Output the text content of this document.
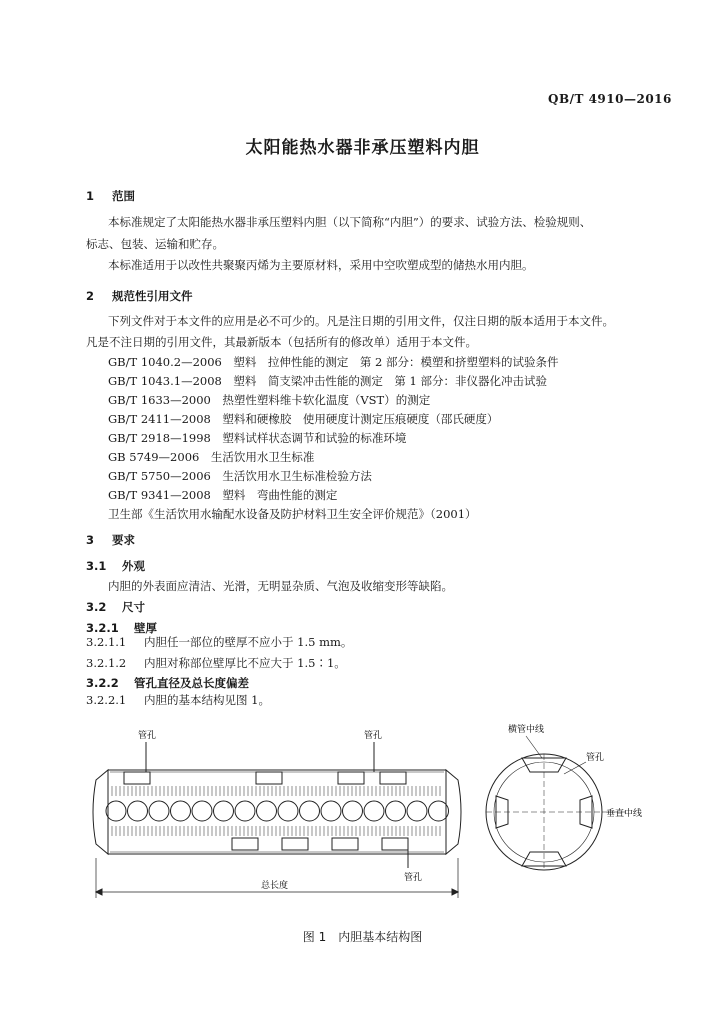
QB/T 4910—2016
太阳能热水器非承压塑料内胆
1 范围
本标准规定了太阳能热水器非承压塑料内胆（以下简称“内胆”）的要求、试验方法、检验规则、
标志、包装、运输和贮存。
本标准适用于以改性共聚聚丙烯为主要原材料，采用中空吹塑成型的储热水用内胆。
2 规范性引用文件
下列文件对于本文件的应用是必不可少的。凡是注日期的引用文件，仅注日期的版本适用于本文件。
凡是不注日期的引用文件，其最新版本（包括所有的修改单）适用于本文件。
GB/T 1040.2—2006　塑料　拉伸性能的测定　第 2 部分：模塑和挤塑塑料的试验条件
GB/T 1043.1—2008　塑料　简支梁冲击性能的测定　第 1 部分：非仪器化冲击试验
GB/T 1633—2000　热塑性塑料维卡软化温度（VST）的测定
GB/T 2411—2008　塑料和硬橡胶　使用硬度计测定压痕硬度（邵氏硬度）
GB/T 2918—1998　塑料试样状态调节和试验的标准环境
GB 5749—2006　生活饮用水卫生标准
GB/T 5750—2006　生活饮用水卫生标准检验方法
GB/T 9341—2008　塑料　弯曲性能的测定
卫生部《生活饮用水输配水设备及防护材料卫生安全评价规范》（2001）
3 要求
3.1 外观
内胆的外表面应清洁、光滑，无明显杂质、气泡及收缩变形等缺陷。
3.2 尺寸
3.2.1 壁厚
3.2.1.1 内胆任一部位的壁厚不应小于 1.5 mm。
3.2.1.2 内胆对称部位壁厚比不应大于 1.5∶1。
3.2.2 管孔直径及总长度偏差
3.2.2.1 内胆的基本结构见图 1。
管孔	管孔
管孔
总长度
横管中线
管孔
垂直中线
图 1　内胆基本结构图
